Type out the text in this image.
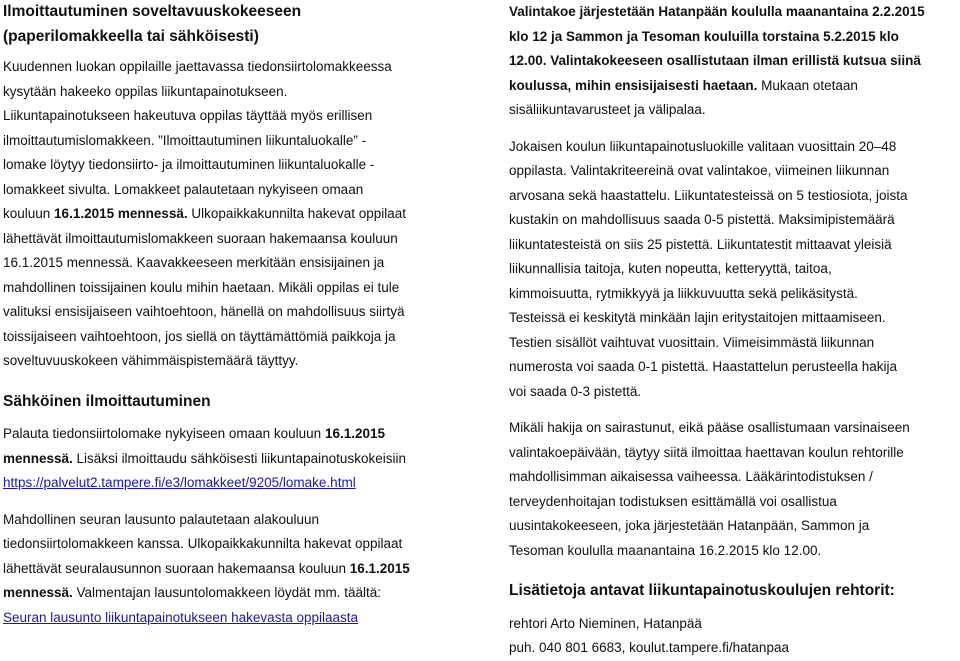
Ilmoittautuminen soveltavuuskokeeseen
(paperilomakkeella tai sähköisesti)
Kuudennen luokan oppilaille jaettavassa tiedonsiirtolomakkeessa
kysytään hakeeko oppilas liikuntapainotukseen.
Liikuntapainotukseen hakeutuva oppilas täyttää myös erillisen
ilmoittautumislomakkeen. ”Ilmoittautuminen liikuntaluokalle” -
lomake löytyy tiedonsiirto- ja ilmoittautuminen liikuntaluokalle -
lomakkeet sivulta. Lomakkeet palautetaan nykyiseen omaan
kouluun 16.1.2015 mennessä. Ulkopaikkakunnilta hakevat oppilaat
lähettävät ilmoittautumislomakkeen suoraan hakemaansa kouluun
16.1.2015 mennessä. Kaavakkeeseen merkitään ensisijainen ja
mahdollinen toissijainen koulu mihin haetaan. Mikäli oppilas ei tule
valituksi ensisijaiseen vaihtoehtoon, hänellä on mahdollisuus siirtyä
toissijaiseen vaihtoehtoon, jos siellä on täyttämättömiä paikkoja ja
soveltuvuuskokeen vähimmäispistemäärä täyttyy.
Sähköinen ilmoittautuminen
Palauta tiedonsiirtolomake nykyiseen omaan kouluun 16.1.2015
mennessä. Lisäksi ilmoittaudu sähköisesti liikuntapainotuskokeisiin
https://palvelut2.tampere.fi/e3/lomakkeet/9205/lomake.html
Mahdollinen seuran lausunto palautetaan alakouluun
tiedonsiirtolomakkeen kanssa. Ulkopaikkakunnilta hakevat oppilaat
lähettävät seuralausunnon suoraan hakemaansa kouluun 16.1.2015
mennessä. Valmentajan lausuntolomakkeen löydät mm. täältä:
Seuran lausunto liikuntapainotukseen hakevasta oppilaasta
Valintakoe järjestetään Hatanpään koululla maanantaina 2.2.2015
klo 12 ja Sammon ja Tesoman kouluilla torstaina 5.2.2015 klo
12.00. Valintakokeeseen osallistutaan ilman erillistä kutsua siinä
koulussa, mihin ensisijaisesti haetaan. Mukaan otetaan
sisäliikuntavarusteet ja välipalaa.
Jokaisen koulun liikuntapainotusluokille valitaan vuosittain 20–48
oppilasta. Valintakriteereinä ovat valintakoe, viimeinen liikunnan
arvosana sekä haastattelu. Liikuntatesteissä on 5 testiosiota, joista
kustakin on mahdollisuus saada 0-5 pistettä. Maksimipistemäärä
liikuntatesteistä on siis 25 pistettä. Liikuntatestit mittaavat yleisiä
liikunnallisia taitoja, kuten nopeutta, ketteryyttä, taitoa,
kimmoisuutta, rytmikkyyä ja liikkuvuutta sekä pelikäsitystä.
Testeissä ei keskitytä minkään lajin eritystaitojen mittaamiseen.
Testien sisällöt vaihtuvat vuosittain. Viimeisimmästä liikunnan
numerosta voi saada 0-1 pistettä. Haastattelun perusteella hakija
voi saada 0-3 pistettä.
Mikäli hakija on sairastunut, eikä pääse osallistumaan varsinaiseen
valintakoepäivään, täytyy siitä ilmoittaa haettavan koulun rehtorille
mahdollisimman aikaisessa vaiheessa. Lääkärintodistuksen /
terveydenhoitajan todistuksen esittämällä voi osallistua
uusintakokeeseen, joka järjestetään Hatanpään, Sammon ja
Tesoman koululla maanantaina 16.2.2015 klo 12.00.
Lisätietoja antavat liikuntapainotuskoulujen rehtorit:
rehtori Arto Nieminen, Hatanpää
puh. 040 801 6683, koulut.tampere.fi/hatanpaa
